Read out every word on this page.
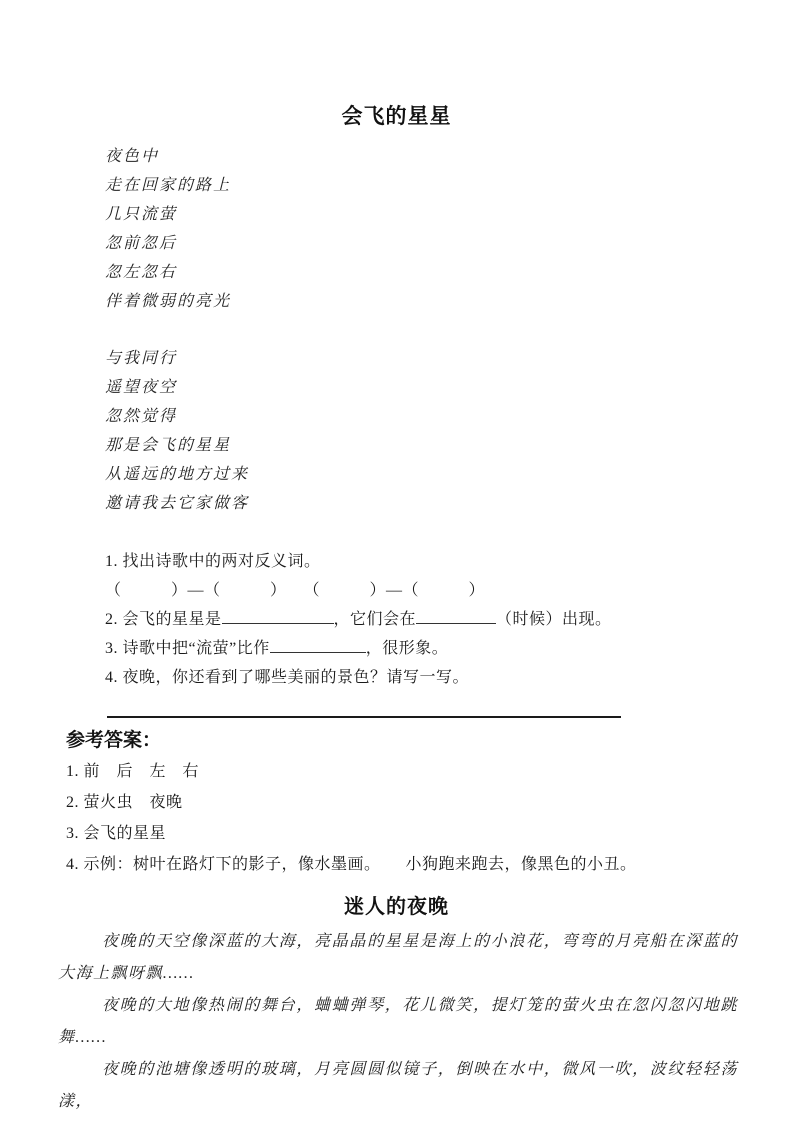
会飞的星星
夜色中
走在回家的路上
几只流萤
忽前忽后
忽左忽右
伴着微弱的亮光
与我同行
遥望夜空
忽然觉得
那是会飞的星星
从遥远的地方过来
邀请我去它家做客
1. 找出诗歌中的两对反义词。
（　　　）—（　　　）　　（　　　）—（　　　）
2. 会飞的星星是	，它们会在	（时候）出现。
3. 诗歌中把“流萤”比作	，很形象。
4. 夜晚，你还看到了哪些美丽的景色？请写一写。
参考答案：
1. 前　后　左　右
2. 萤火虫　夜晚
3. 会飞的星星
4. 示例：树叶在路灯下的影子，像水墨画。　　小狗跑来跑去，像黑色的小丑。
迷人的夜晚

夜晚的天空像深蓝的大海，亮晶晶的星星是海上的小浪花，弯弯的月亮船在深蓝的大海上飘呀飘……

夜晚的大地像热闹的舞台，蛐蛐弹琴，花儿微笑，提灯笼的萤火虫在忽闪忽闪地跳舞……

夜晚的池塘像透明的玻璃，月亮圆圆似镜子，倒映在水中，微风一吹，波纹轻轻荡漾，
